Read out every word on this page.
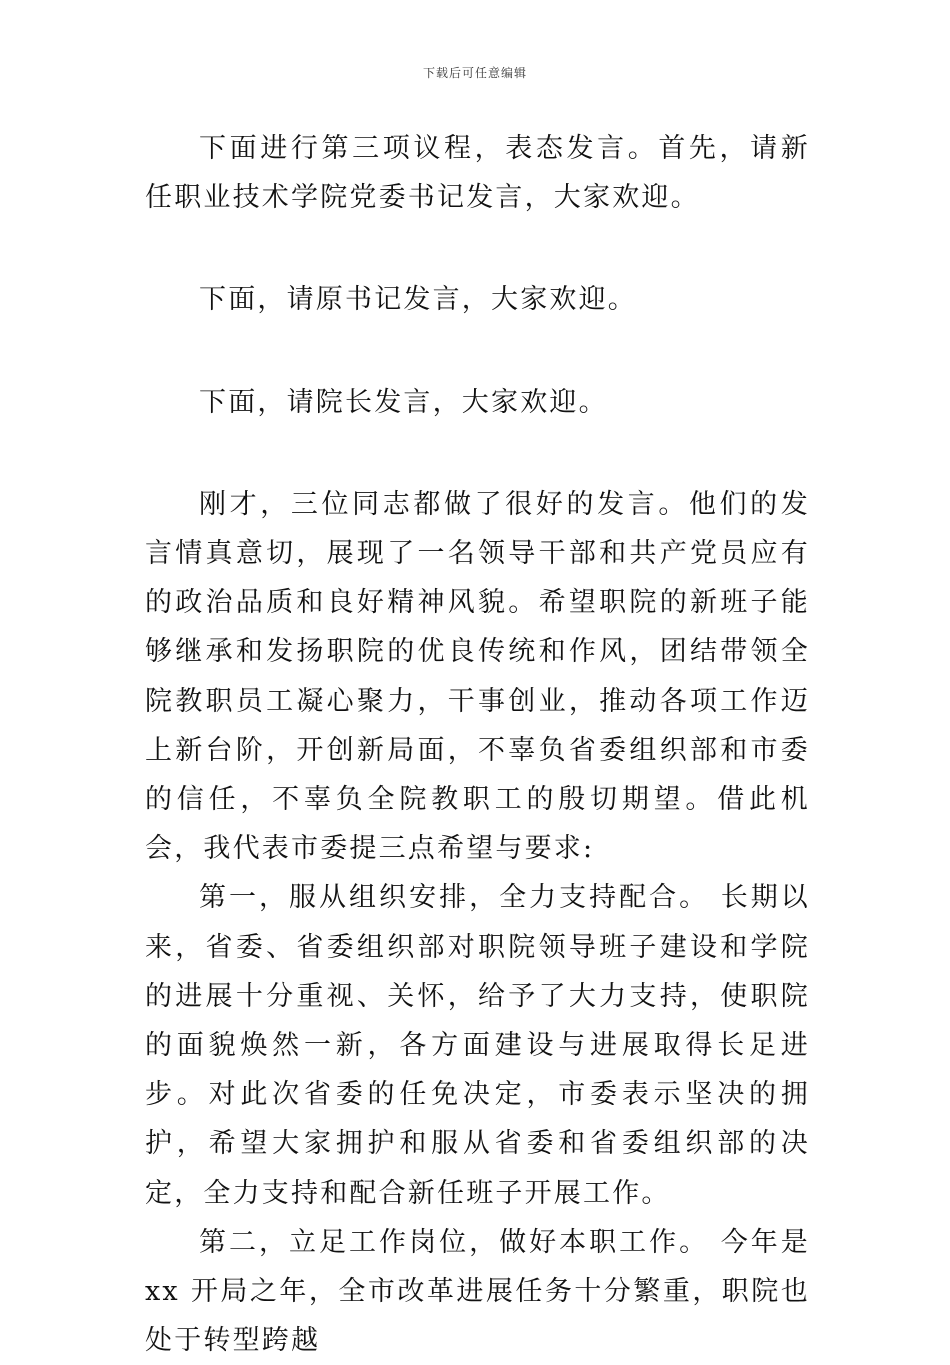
下载后可任意编辑

下面进行第三项议程，表态发言。首先，请新任职业技术学院党委书记发言，大家欢迎。

下面，请原书记发言，大家欢迎。

下面，请院长发言，大家欢迎。

刚才，三位同志都做了很好的发言。他们的发言情真意切，展现了一名领导干部和共产党员应有的政治品质和良好精神风貌。希望职院的新班子能够继承和发扬职院的优良传统和作风，团结带领全院教职员工凝心聚力，干事创业，推动各项工作迈上新台阶，开创新局面，不辜负省委组织部和市委的信任，不辜负全院教职工的殷切期望。借此机会，我代表市委提三点希望与要求:

第一，服从组织安排，全力支持配合。 长期以来，省委、省委组织部对职院领导班子建设和学院的进展十分重视、关怀，给予了大力支持，使职院的面貌焕然一新，各方面建设与进展取得长足进步。对此次省委的任免决定，市委表示坚决的拥护，希望大家拥护和服从省委和省委组织部的决定，全力支持和配合新任班子开展工作。

第二，立足工作岗位，做好本职工作。 今年是 xx 开局之年，全市改革进展任务十分繁重，职院也处于转型跨越
